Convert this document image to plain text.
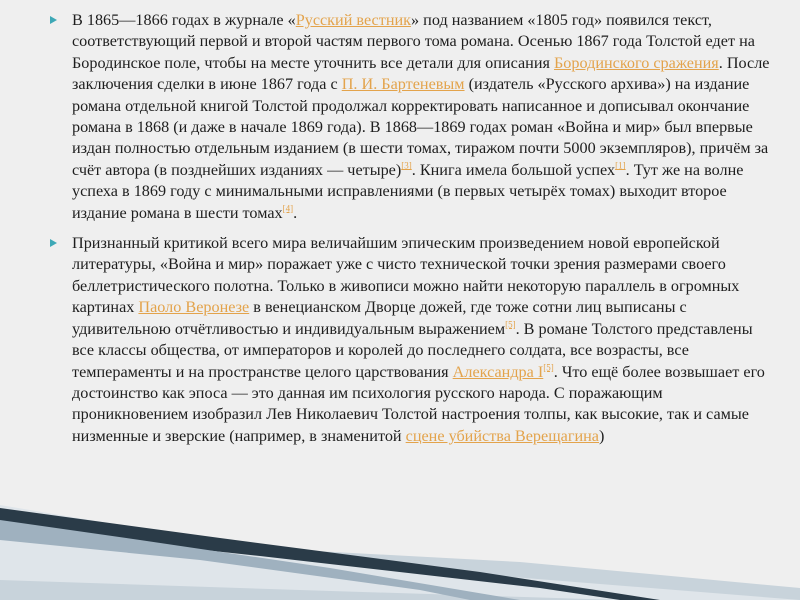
В 1865—1866 годах в журнале «Русский вестник» под названием «1805 год» появился текст, соответствующий первой и второй частям первого тома романа. Осенью 1867 года Толстой едет на Бородинское поле, чтобы на месте уточнить все детали для описания Бородинского сражения. После заключения сделки в июне 1867 года с П. И. Бартеневым (издатель «Русского архива») на издание романа отдельной книгой Толстой продолжал корректировать написанное и дописывал окончание романа в 1868 (и даже в начале 1869 года). В 1868—1869 годах роман «Война и мир» был впервые издан полностью отдельным изданием (в шести томах, тиражом почти 5000 экземпляров), причём за счёт автора (в позднейших изданиях — четыре)[3]. Книга имела большой успех[1]. Тут же на волне успеха в 1869 году с минимальными исправлениями (в первых четырёх томах) выходит второе издание романа в шести томах[4].

Признанный критикой всего мира величайшим эпическим произведением новой европейской литературы, «Война и мир» поражает уже с чисто технической точки зрения размерами своего беллетристического полотна. Только в живописи можно найти некоторую параллель в огромных картинах Паоло Веронезе в венецианском Дворце дожей, где тоже сотни лиц выписаны с удивительною отчётливостью и индивидуальным выражением[5]. В романе Толстого представлены все классы общества, от императоров и королей до последнего солдата, все возрасты, все темпераменты и на пространстве целого царствования Александра I[5]. Что ещё более возвышает его достоинство как эпоса — это данная им психология русского народа. С поражающим проникновением изобразил Лев Николаевич Толстой настроения толпы, как высокие, так и самые низменные и зверские (например, в знаменитой сцене убийства Верещагина)
